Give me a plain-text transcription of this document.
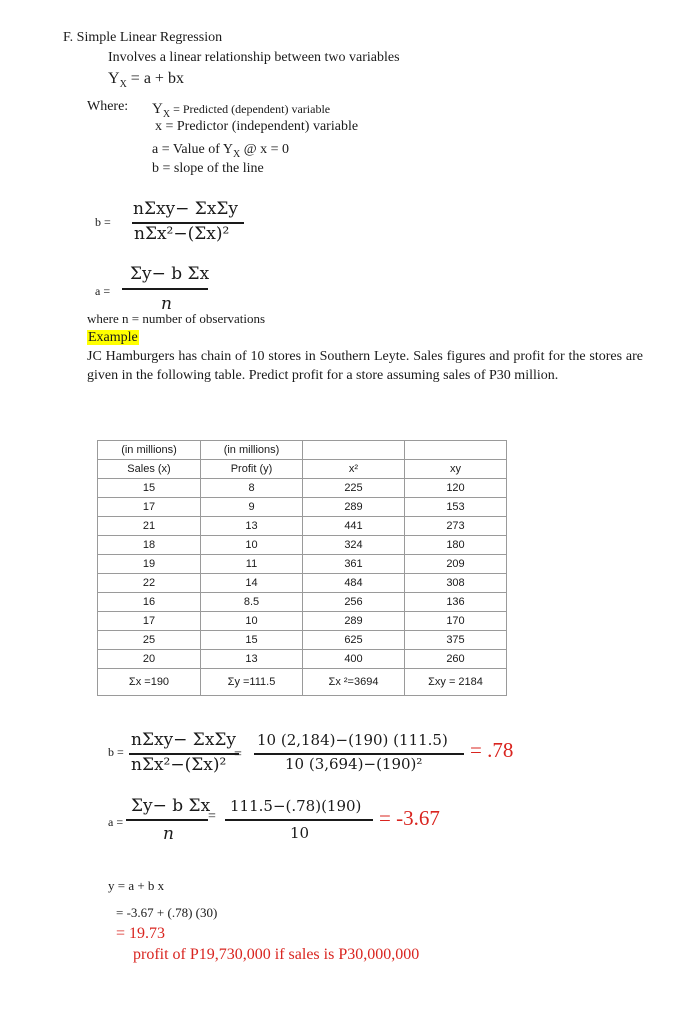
F. Simple Linear Regression
Involves a linear relationship between two variables
$Y_X = a$ + bx
Where: $Y_X$ = Predicted (dependent) variable
x = Predictor (independent) variable
a = Value of $Y_X$ @ x = 0
b = slope of the line
b =
nΣxy− ΣxΣy
nΣx²−(Σx)²
a =
Σy− b Σx
n
where n = number of observations
Example
JC Hamburgers has chain of 10 stores in Southern Leyte. Sales figures and profit for the stores are given in the following table. Predict profit for a store assuming sales of P30 million.
(in millions)	(in millions)		
Sales (x)	Profit (y)	x²	xy
15	8	225	120
17	9	289	153
21	13	441	273
18	10	324	180
19	11	361	209
22	14	484	308
16	8.5	256	136
17	10	289	170
25	15	625	375
20	13	400	260
Σx =190	Σy =111.5	Σx ²=3694	Σxy = 2184
b =
nΣxy− ΣxΣy
nΣx²−(Σx)²
=
10 (2,184)−(190) (111.5)
10 (3,694)−(190)²
= .78
a =
Σy− b Σx
n
=
111.5−(.78)(190)
10
= -3.67
y = a + b x
= -3.67 + (.78) (30)
= 19.73
profit of P19,730,000 if sales is P30,000,000
